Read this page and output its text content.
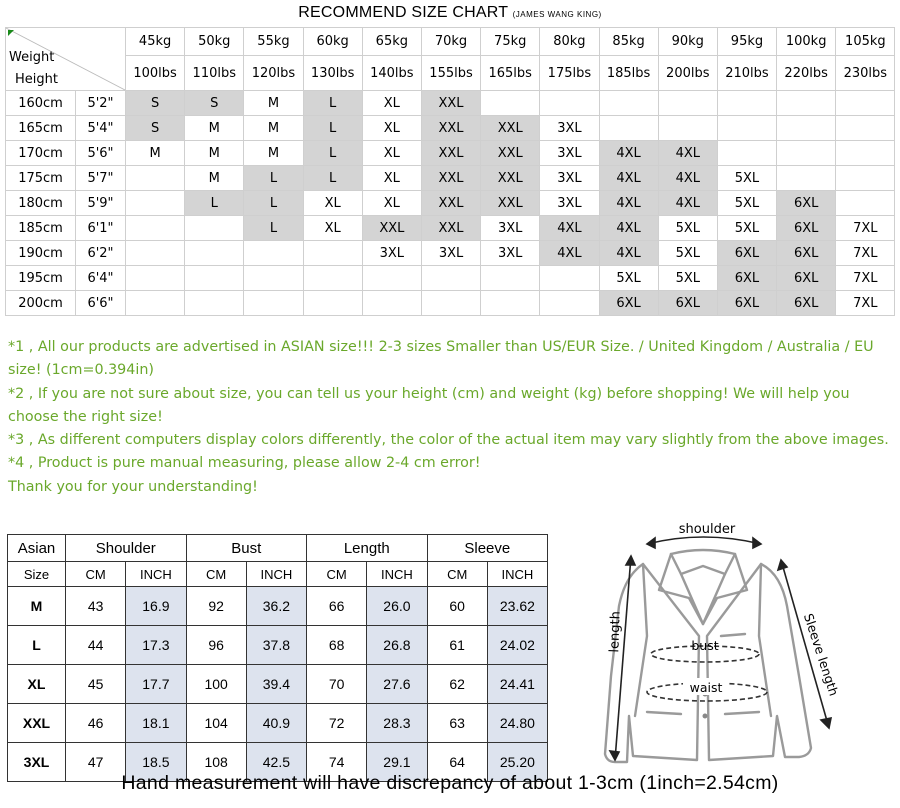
RECOMMEND SIZE CHART (JAMES WANG KING)
Weight
Height		45kg	50kg	55kg	60kg	65kg	70kg	75kg	80kg	85kg	90kg	95kg	100kg	105kg
		100lbs	110lbs	120lbs	130lbs	140lbs	155lbs	165lbs	175lbs	185lbs	200lbs	210lbs	220lbs	230lbs
160cm	5'2"	S	S	M	L	XL	XXL							
165cm	5'4"	S	M	M	L	XL	XXL	XXL	3XL					
170cm	5'6"	M	M	M	L	XL	XXL	XXL	3XL	4XL	4XL			
175cm	5'7"		M	L	L	XL	XXL	XXL	3XL	4XL	4XL	5XL		
180cm	5'9"		L	L	XL	XL	XXL	XXL	3XL	4XL	4XL	5XL	6XL	
185cm	6'1"			L	XL	XXL	XXL	3XL	4XL	4XL	5XL	5XL	6XL	7XL
190cm	6'2"					3XL	3XL	3XL	4XL	4XL	5XL	6XL	6XL	7XL
195cm	6'4"									5XL	5XL	6XL	6XL	7XL
200cm	6'6"									6XL	6XL	6XL	6XL	7XL

*1 , All our products are advertised in ASIAN size!!! 2-3 sizes Smaller than US/EUR Size. / United Kingdom / Australia / EU size! (1cm=0.394in)

*2 , If you are not sure about size, you can tell us your height (cm) and weight (kg) before shopping! We will help you choose the right size!

*3 , As different computers display colors differently, the color of the actual item may vary slightly from the above images.

*4 , Product is pure manual measuring, please allow 2-4 cm error!

Thank you for your understanding!

Asian	Shoulder		Bust		Length		Sleeve	
Size	CM	INCH	CM	INCH	CM	INCH	CM	INCH
M	43	16.9	92	36.2	66	26.0	60	23.62
L	44	17.3	96	37.8	68	26.8	61	24.02
XL	45	17.7	100	39.4	70	27.6	62	24.41
XXL	46	18.1	104	40.9	72	28.3	63	24.80
3XL	47	18.5	108	42.5	74	29.1	64	25.20
shoulder
length	bust
waist	Sleeve length
Hand measurement will have discrepancy of about 1-3cm (1inch=2.54cm)
